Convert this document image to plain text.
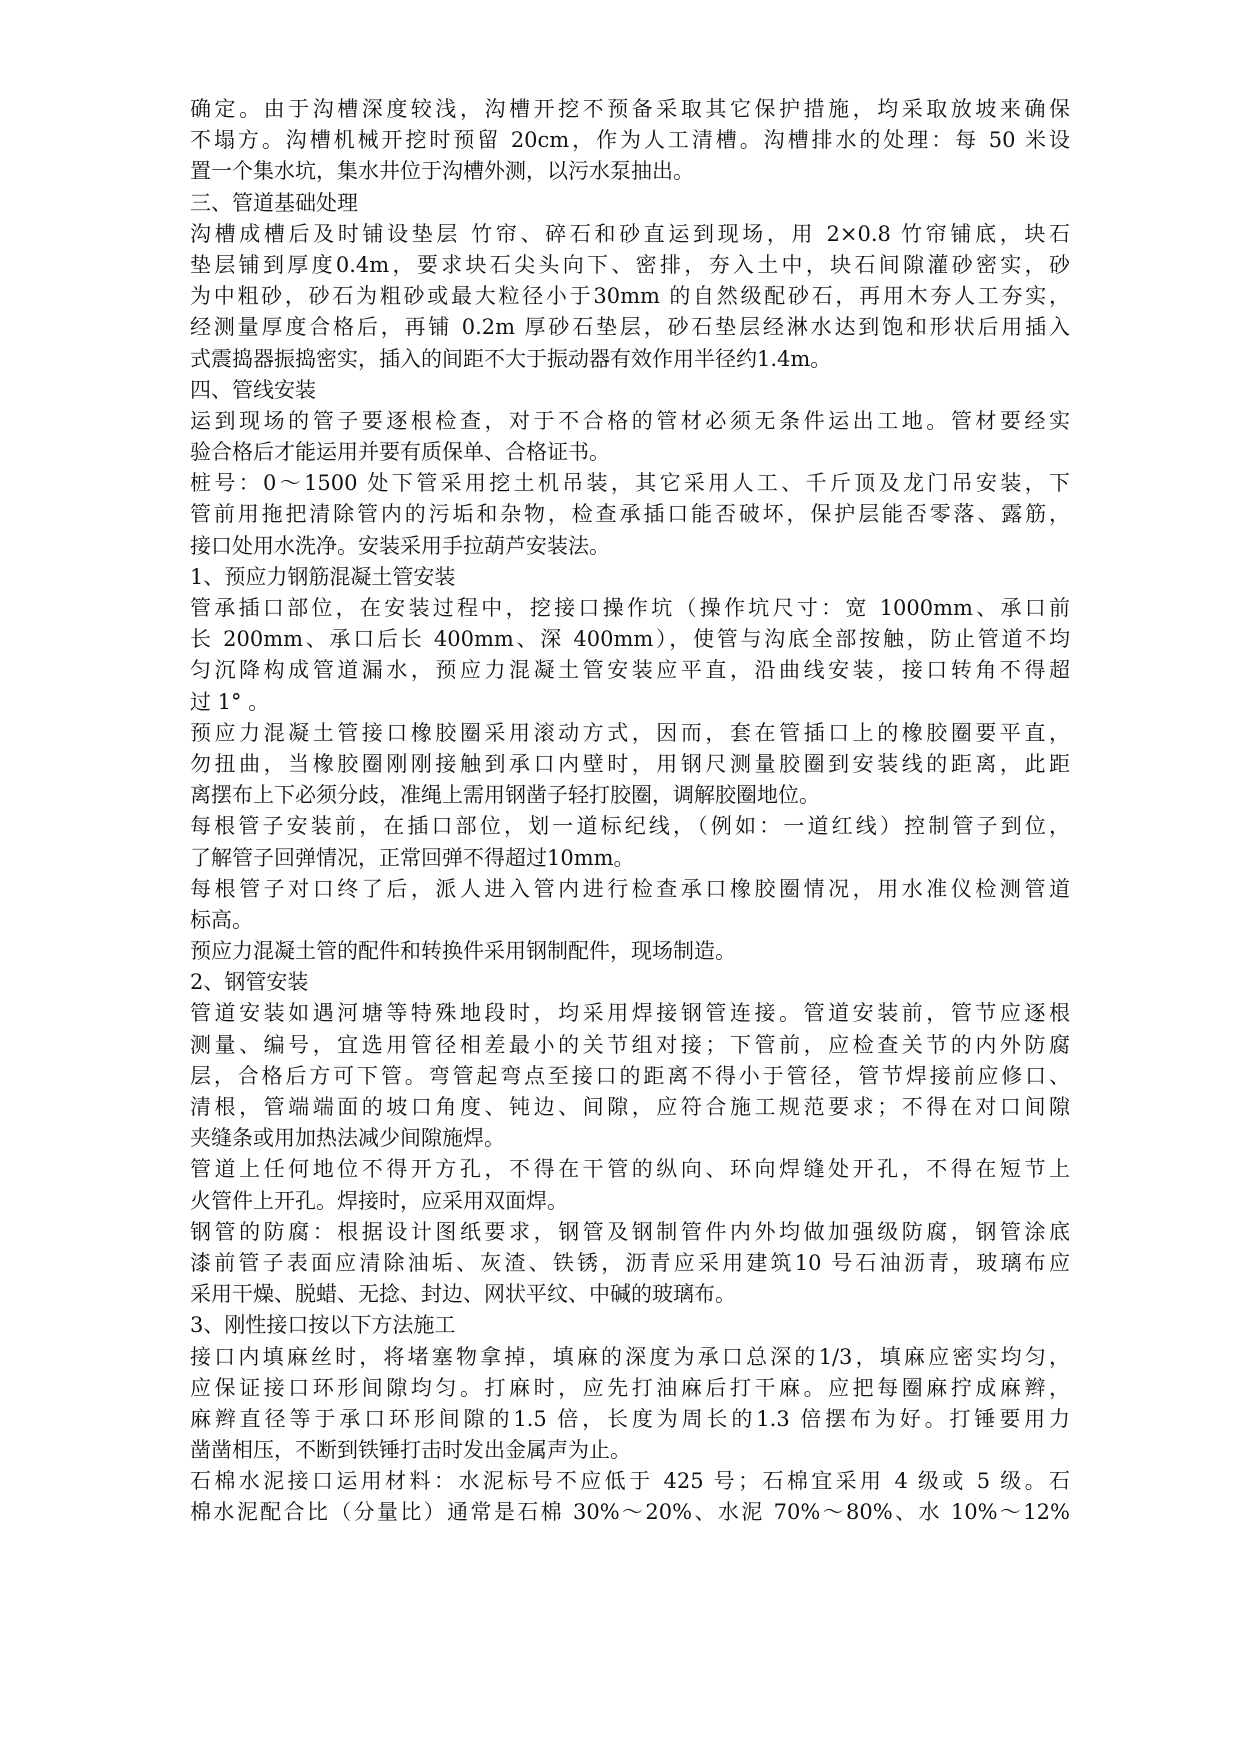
确定。由于沟槽深度较浅，沟槽开挖不预备采取其它保护措施，均采取放坡来确保
不塌方。沟槽机械开挖时预留 20cm，作为人工清槽。沟槽排水的处理：每 50 米设
置一个集水坑，集水井位于沟槽外测，以污水泵抽出。
三、管道基础处理
沟槽成槽后及时铺设垫层 竹帘、碎石和砂直运到现场，用 2×0.8 竹帘铺底，块石
垫层铺到厚度0.4m，要求块石尖头向下、密排，夯入土中，块石间隙灌砂密实，砂
为中粗砂，砂石为粗砂或最大粒径小于30mm 的自然级配砂石，再用木夯人工夯实，
经测量厚度合格后，再铺 0.2m 厚砂石垫层，砂石垫层经淋水达到饱和形状后用插入
式震捣器振捣密实，插入的间距不大于振动器有效作用半径约1.4m。
四、管线安装
运到现场的管子要逐根检查，对于不合格的管材必须无条件运出工地。管材要经实
验合格后才能运用并要有质保单、合格证书。
桩号：0～1500 处下管采用挖土机吊装，其它采用人工、千斤顶及龙门吊安装，下
管前用拖把清除管内的污垢和杂物，检查承插口能否破坏，保护层能否零落、露筋，
接口处用水洗净。安装采用手拉葫芦安装法。
1、预应力钢筋混凝土管安装
管承插口部位，在安装过程中，挖接口操作坑（操作坑尺寸：宽 1000mm、承口前
长 200mm、承口后长 400mm、深 400mm），使管与沟底全部按触，防止管道不均
匀沉降构成管道漏水，预应力混凝土管安装应平直，沿曲线安装，接口转角不得超
过 1° 。
预应力混凝土管接口橡胶圈采用滚动方式，因而，套在管插口上的橡胶圈要平直，
勿扭曲，当橡胶圈刚刚接触到承口内壁时，用钢尺测量胶圈到安装线的距离，此距
离摆布上下必须分歧，准绳上需用钢凿子轻打胶圈，调解胶圈地位。
每根管子安装前，在插口部位，划一道标纪线，（例如：一道红线）控制管子到位，
了解管子回弹情况，正常回弹不得超过10mm。
每根管子对口终了后，派人进入管内进行检查承口橡胶圈情况，用水准仪检测管道
标高。
预应力混凝土管的配件和转换件采用钢制配件，现场制造。
2、钢管安装
管道安装如遇河塘等特殊地段时，均采用焊接钢管连接。管道安装前，管节应逐根
测量、编号，宜选用管径相差最小的关节组对接；下管前，应检查关节的内外防腐
层，合格后方可下管。弯管起弯点至接口的距离不得小于管径，管节焊接前应修口、
清根，管端端面的坡口角度、钝边、间隙，应符合施工规范要求；不得在对口间隙
夹缝条或用加热法减少间隙施焊。
管道上任何地位不得开方孔，不得在干管的纵向、环向焊缝处开孔，不得在短节上
火管件上开孔。焊接时，应采用双面焊。
钢管的防腐：根据设计图纸要求，钢管及钢制管件内外均做加强级防腐，钢管涂底
漆前管子表面应清除油垢、灰渣、铁锈，沥青应采用建筑10 号石油沥青，玻璃布应
采用干燥、脱蜡、无捻、封边、网状平纹、中碱的玻璃布。
3、刚性接口按以下方法施工
接口内填麻丝时，将堵塞物拿掉，填麻的深度为承口总深的1/3，填麻应密实均匀，
应保证接口环形间隙均匀。打麻时，应先打油麻后打干麻。应把每圈麻拧成麻辫，
麻辫直径等于承口环形间隙的1.5 倍，长度为周长的1.3 倍摆布为好。打锤要用力
凿凿相压，不断到铁锤打击时发出金属声为止。
石棉水泥接口运用材料：水泥标号不应低于 425 号；石棉宜采用 4 级或 5 级。石
棉水泥配合比（分量比）通常是石棉 30%～20%、水泥 70%～80%、水 10%～12%
